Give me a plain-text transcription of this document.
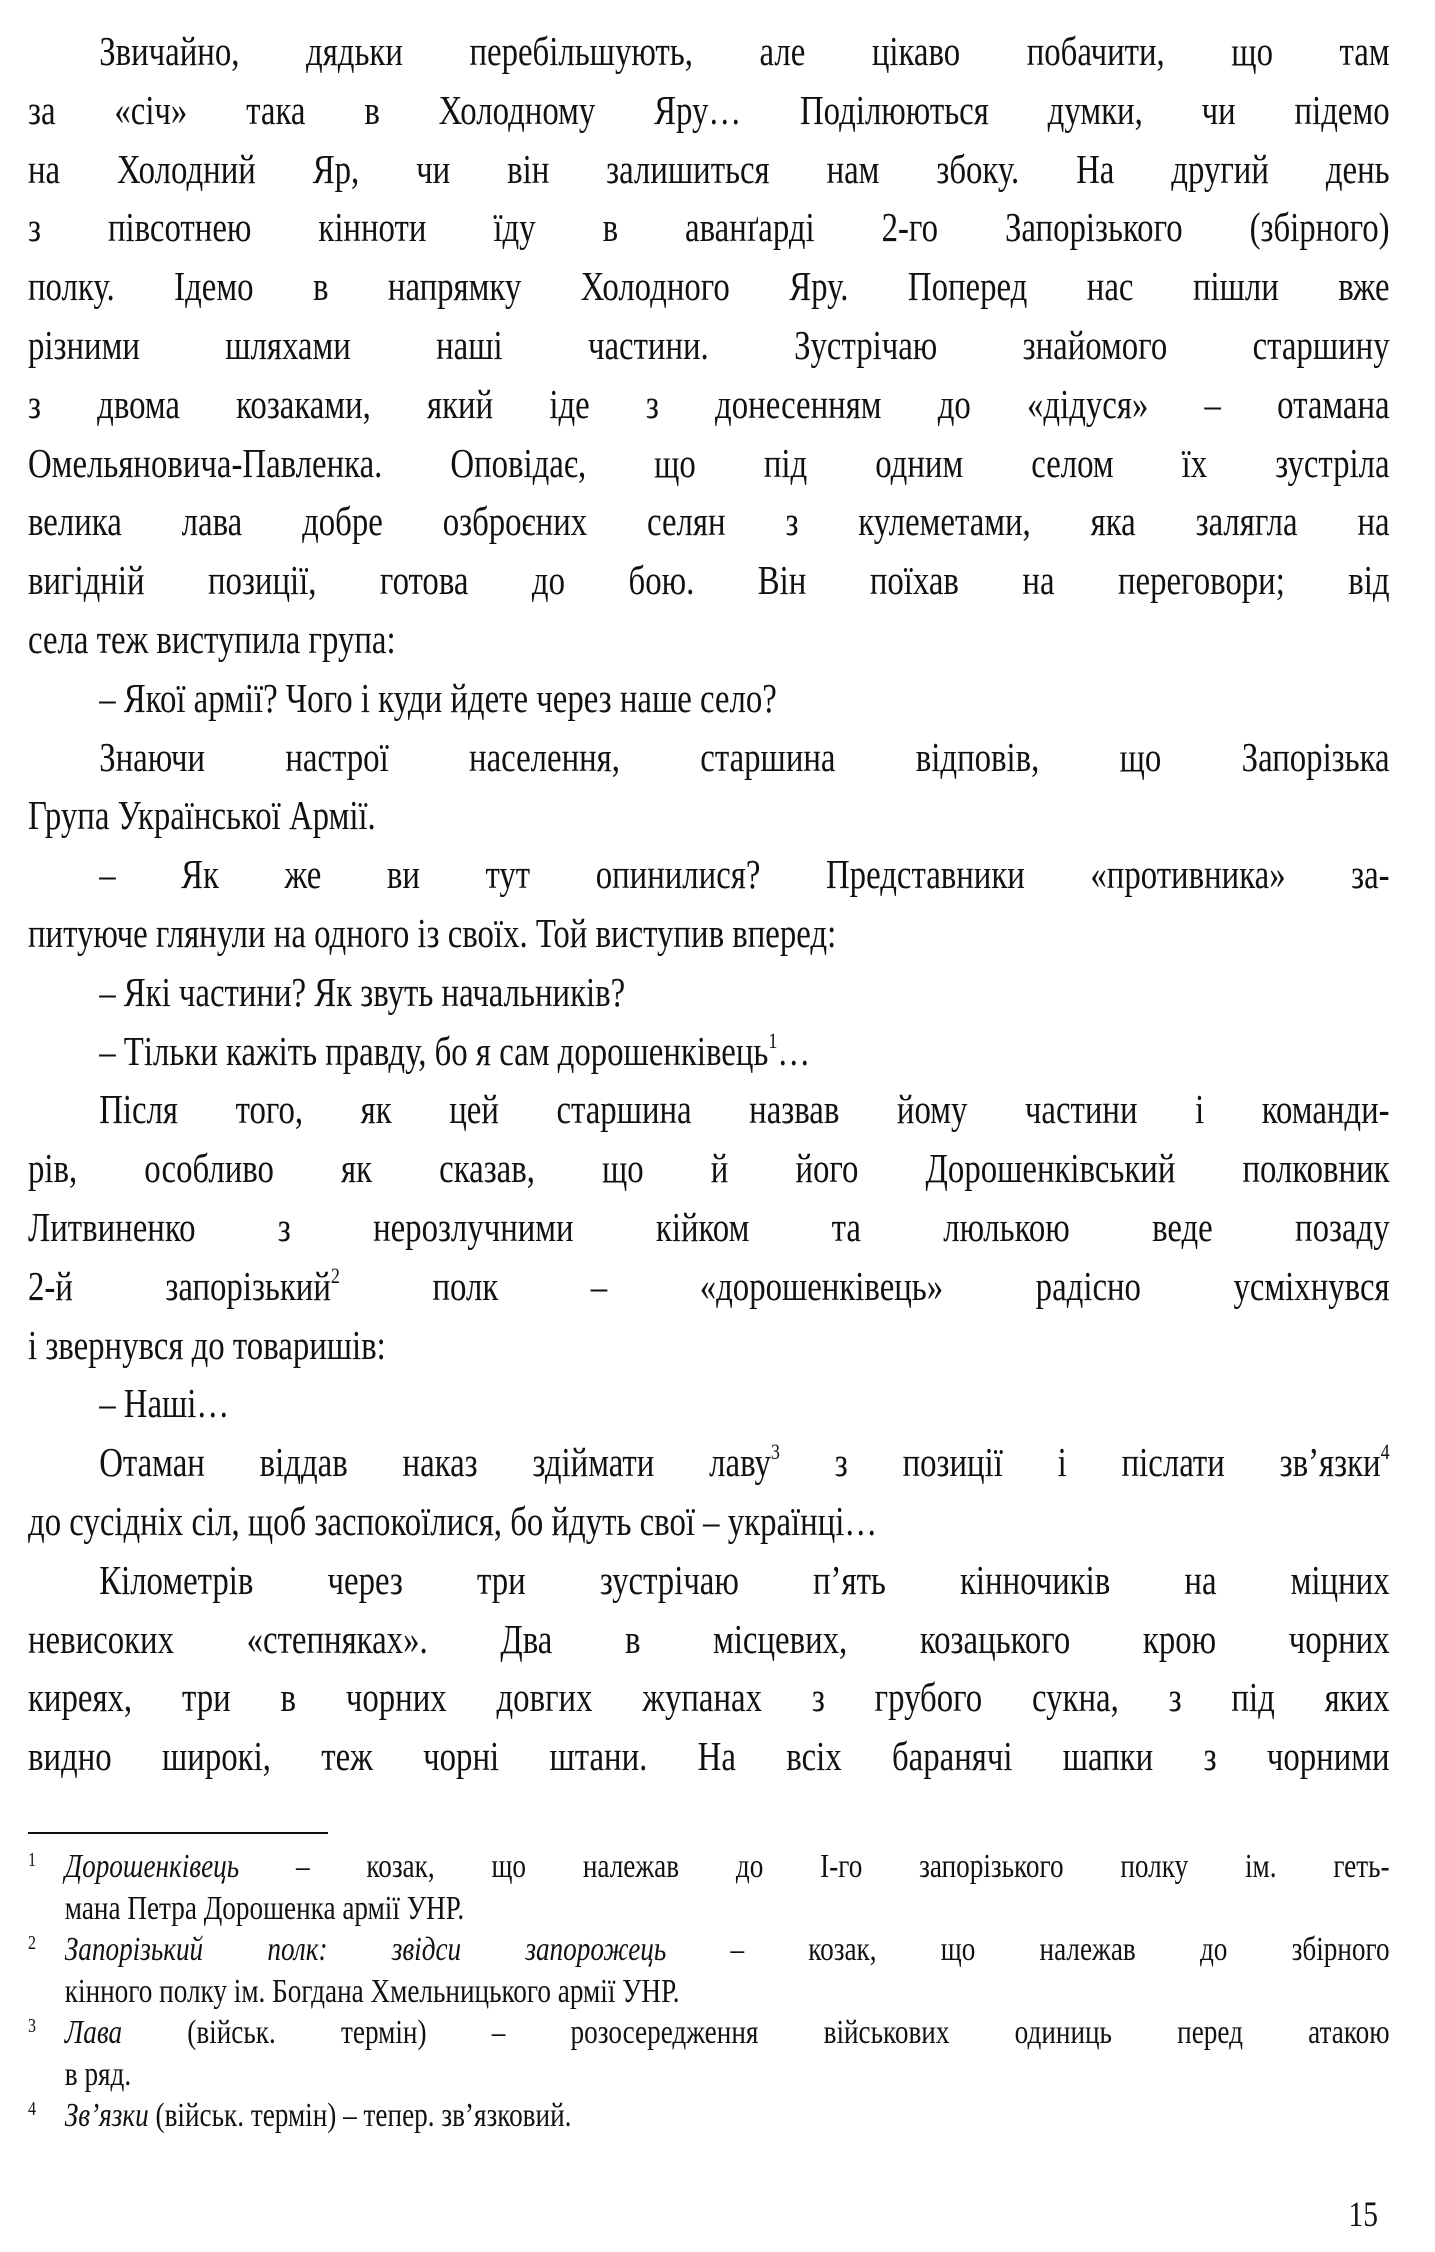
Звичайно, дядьки перебільшують, але цікаво побачити, що там
за «січ» така в Холодному Яру… Поділюються думки, чи підемо
на Холодний Яр, чи він залишиться нам збоку. На другий день
з півсотнею кінноти їду в аванґарді 2-го Запорізького (збірного)
полку. Ідемо в напрямку Холодного Яру. Поперед нас пішли вже
різними шляхами наші частини. Зустрічаю знайомого старшину
з двома козаками, який іде з донесенням до «дідуся» – отамана
Омельяновича-Павленка. Оповідає, що під одним селом їх зустріла
велика лава добре озброєних селян з кулеметами, яка залягла на
вигідній позиції, готова до бою. Він поїхав на переговори; від
села теж виступила група:
– Якої армії? Чого і куди йдете через наше село?
Знаючи настрої населення, старшина відповів, що Запорізька
Група Української Армії.
– Як же ви тут опинилися? Представники «противника» за-
питуюче глянули на одного із своїх. Той виступив вперед:
– Які частини? Як звуть начальників?
– Тільки кажіть правду, бо я сам дорошенківець$^1$…
Після того, як цей старшина назвав йому частини і команди-
рів, особливо як сказав, що й його Дорошенківський полковник
Литвиненко з нерозлучними кійком та люлькою веде позаду
2-й запорізький$^2$ полк – «дорошенківець» радісно усміхнувся
і звернувся до товаришів:
– Наші…
Отаман віддав наказ здіймати лаву$^3$ з позиції і післати зв’язки$^4$
до сусідніх сіл, щоб заспокоїлися, бо йдуть свої – українці…
Кілометрів через три зустрічаю п’ять кінночиків на міцних
невисоких «степняках». Два в місцевих, козацького крою чорних
киреях, три в чорних довгих жупанах з грубого сукна, з під яких
видно широкі, теж чорні штани. На всіх баранячі шапки з чорними
1 Дорошенківець – козак, що належав до I-го запорізького полку ім. геть-
мана Петра Дорошенка армії УНР.
2 Запорізький полк: звідси запорожець – козак, що належав до збірного
кінного полку ім. Богдана Хмельницького армії УНР.
3 Лава (військ. термін) – розосередження військових одиниць перед атакою
в ряд.
4 Зв’язки (військ. термін) – тепер. зв’язковий.
15
